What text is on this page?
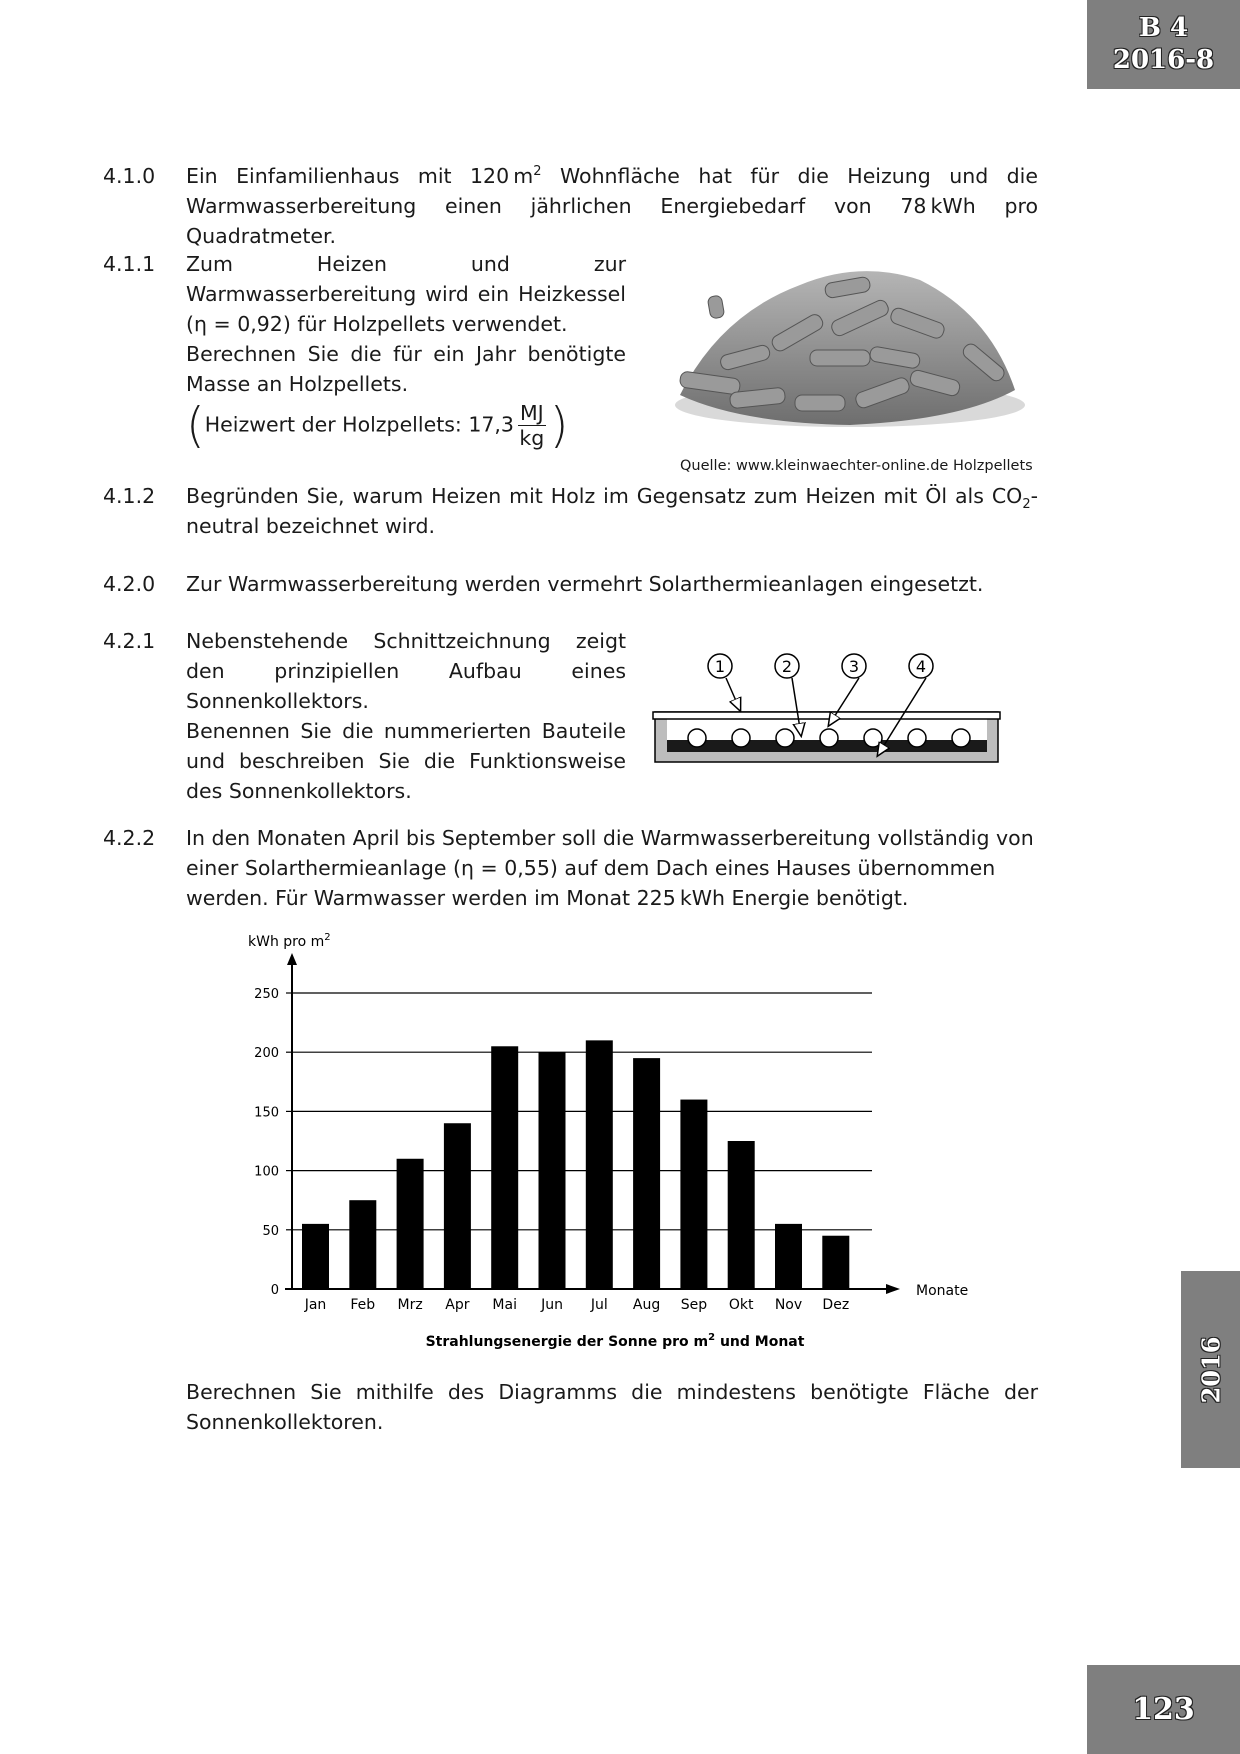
B 4
2016-8
2016
123
4.1.0	Ein Einfamilienhaus mit 120 $m^2$ Wohnfläche hat für die Heizung und die Warmwasserbereitung einen jährlichen Energiebedarf von 78 kWh pro Quadratmeter.
4.1.1	Zum Heizen und zur Warmwasserbereitung wird ein Heizkessel (η = 0,92) für Holzpellets verwendet.
Berechnen Sie die für ein Jahr benötigte Masse an Holzpellets.
(Heizwert der Holzpellets: $17,3 \frac{MJ}{kg}$ )
Quelle: www.kleinwaechter-online.de Holzpellets
4.1.2	Begründen Sie, warum Heizen mit Holz im Gegensatz zum Heizen mit Öl als $CO_2$-neutral bezeichnet wird.
4.2.0	Zur Warmwasserbereitung werden vermehrt Solarthermieanlagen eingesetzt.
4.2.1	Nebenstehende Schnittzeichnung zeigt den prinzipiellen Aufbau eines Sonnenkollektors.
Benennen Sie die nummerierten Bauteile und beschreiben Sie die Funktionsweise des Sonnenkollektors.
1	2	3	4
4.2.2	In den Monaten April bis September soll die Warmwasserbereitung vollständig von einer Solarthermieanlage (η = 0,55) auf dem Dach eines Hauses übernommen werden. Für Warmwasser werden im Monat 225 kWh Energie benötigt.
kWh pro $m^2$
0
50
100
150
200
250
Jan Feb Mrz Apr Mai Jun Jul Aug Sep Okt Nov Dez
Monate
Strahlungsenergie der Sonne pro $m^2$ und Monat
Berechnen Sie mithilfe des Diagramms die mindestens benötigte Fläche der Sonnenkollektoren.
